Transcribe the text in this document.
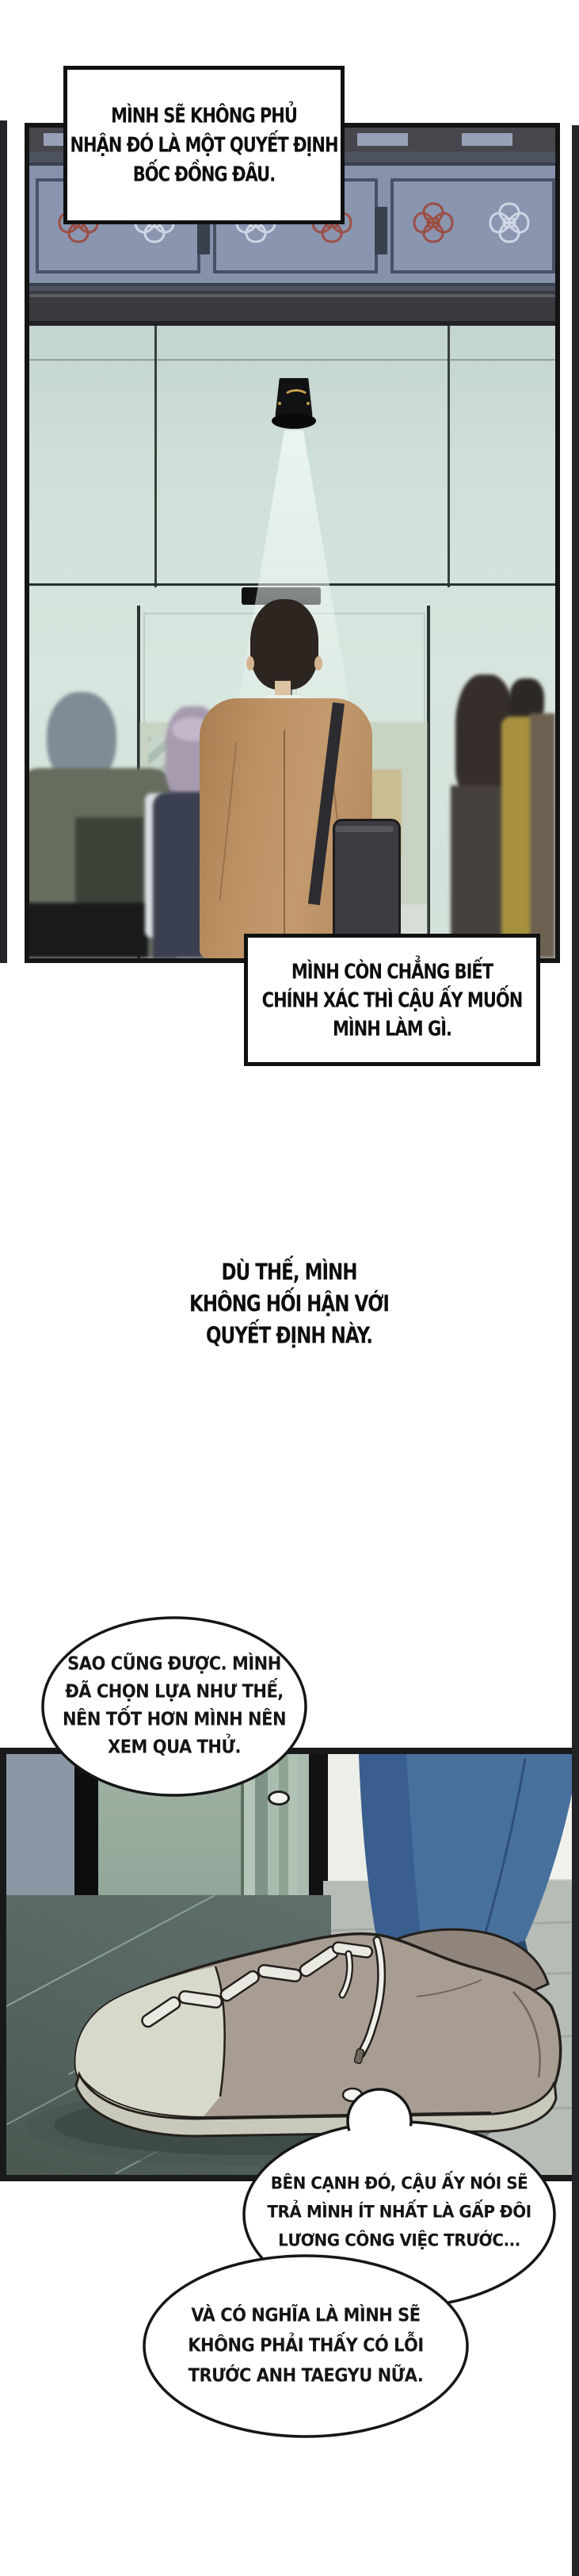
MÌNH SẼ KHÔNG PHỦ
NHẬN ĐÓ LÀ MỘT QUYẾT ĐỊNH
BỐC ĐỒNG ĐÂU.
MÌNH CÒN CHẲNG BIẾT
CHÍNH XÁC THÌ CẬU ẤY MUỐN
MÌNH LÀM GÌ.
DÙ THẾ, MÌNH
KHÔNG HỐI HẬN VỚI
QUYẾT ĐỊNH NÀY.
SAO CŨNG ĐƯỢC. MÌNH
ĐÃ CHỌN LỰA NHƯ THẾ,
NÊN TỐT HƠN MÌNH NÊN
XEM QUA THỬ.
BÊN CẠNH ĐÓ, CẬU ẤY NÓI SẼ
TRẢ MÌNH ÍT NHẤT LÀ GẤP ĐÔI
LƯƠNG CÔNG VIỆC TRƯỚC...
VÀ CÓ NGHĨA LÀ MÌNH SẼ
KHÔNG PHẢI THẤY CÓ LỖI
TRƯỚC ANH TAEGYU NỮA.
